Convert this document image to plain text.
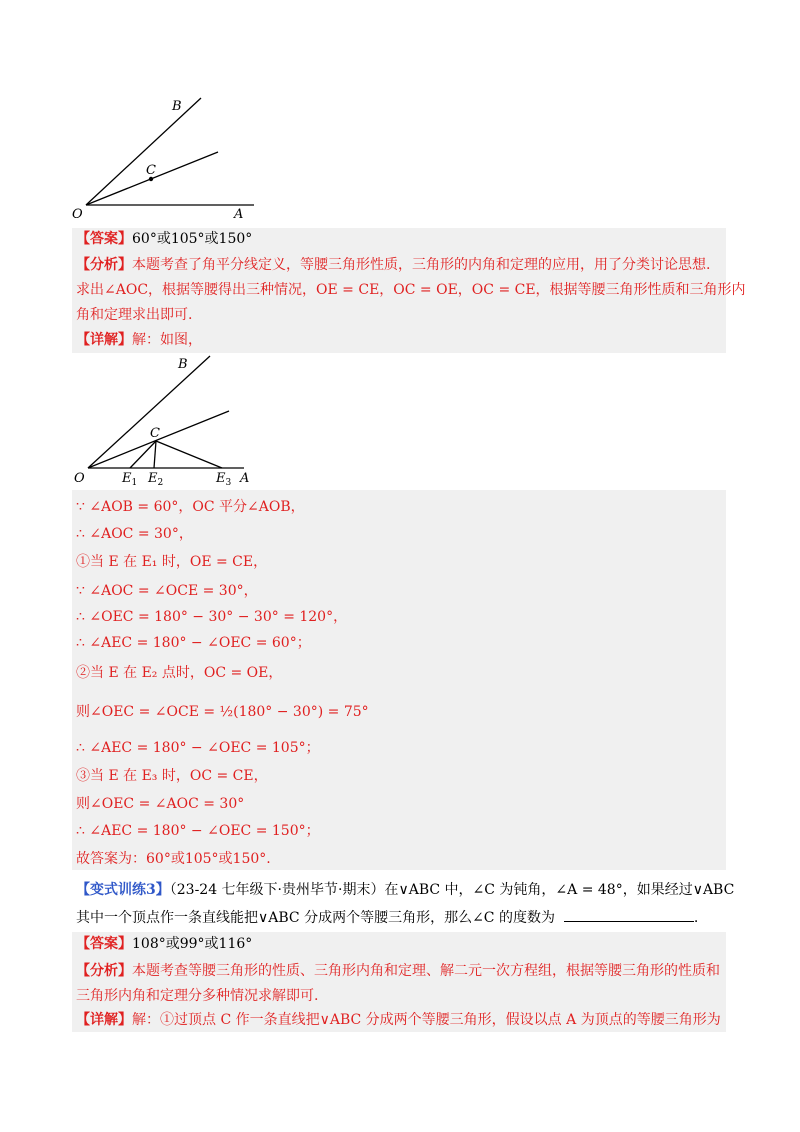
B
C
O	A
【答案】60°或105°或150°
【分析】本题考查了角平分线定义，等腰三角形性质，三角形的内角和定理的应用，用了分类讨论思想.
求出∠AOC，根据等腰得出三种情况，OE = CE，OC = OE，OC = CE，根据等腰三角形性质和三角形内
角和定理求出即可.
【详解】解：如图，
B
C
O	$E_1$ $E_2$	$E_3$ A
∵ ∠AOB = 60°，OC 平分∠AOB，
∴ ∠AOC = 30°，
①当 E 在 E₁ 时，OE = CE，
∵ ∠AOC = ∠OCE = 30°，
∴ ∠OEC = 180° − 30° − 30° = 120°，
∴ ∠AEC = 180° − ∠OEC = 60°；
②当 E 在 E₂ 点时，OC = OE，
则∠OEC = ∠OCE = ½(180° − 30°) = 75°
∴ ∠AEC = 180° − ∠OEC = 105°；
③当 E 在 E₃ 时，OC = CE，
则∠OEC = ∠AOC = 30°
∴ ∠AEC = 180° − ∠OEC = 150°；
故答案为：60°或105°或150°.
【变式训练3】（23-24 七年级下·贵州毕节·期末）在∨ABC 中，∠C 为钝角，∠A = 48°，如果经过∨ABC
其中一个顶点作一条直线能把∨ABC 分成两个等腰三角形，那么∠C 的度数为	.
【答案】108°或99°或116°
【分析】本题考查等腰三角形的性质、三角形内角和定理、解二元一次方程组，根据等腰三角形的性质和
三角形内角和定理分多种情况求解即可.
【详解】解：①过顶点 C 作一条直线把∨ABC 分成两个等腰三角形，假设以点 A 为顶点的等腰三角形为
